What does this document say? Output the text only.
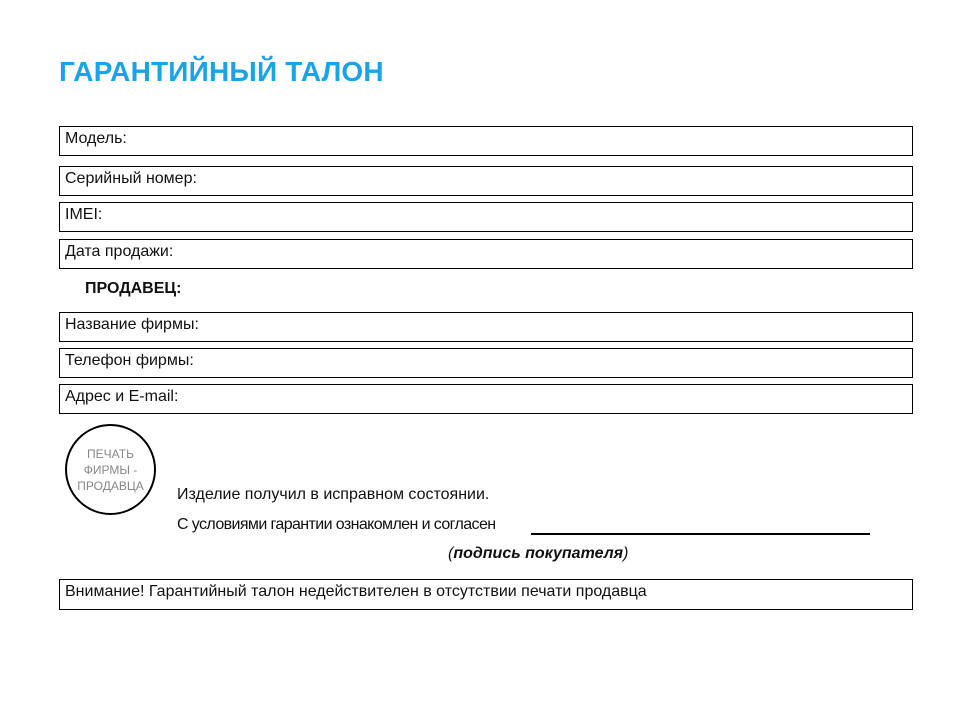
ГАРАНТИЙНЫЙ ТАЛОН
Модель:
Серийный номер:
IMEI:
Дата продажи:
ПРОДАВЕЦ:
Название фирмы:
Телефон фирмы:
Адрес и E-mail:
ПЕЧАТЬ ФИРМЫ - ПРОДАВЦА
Изделие получил в исправном состоянии.
С условиями гарантии ознакомлен и согласен
(подпись покупателя)
Внимание! Гарантийный талон недействителен в отсутствии печати продавца
